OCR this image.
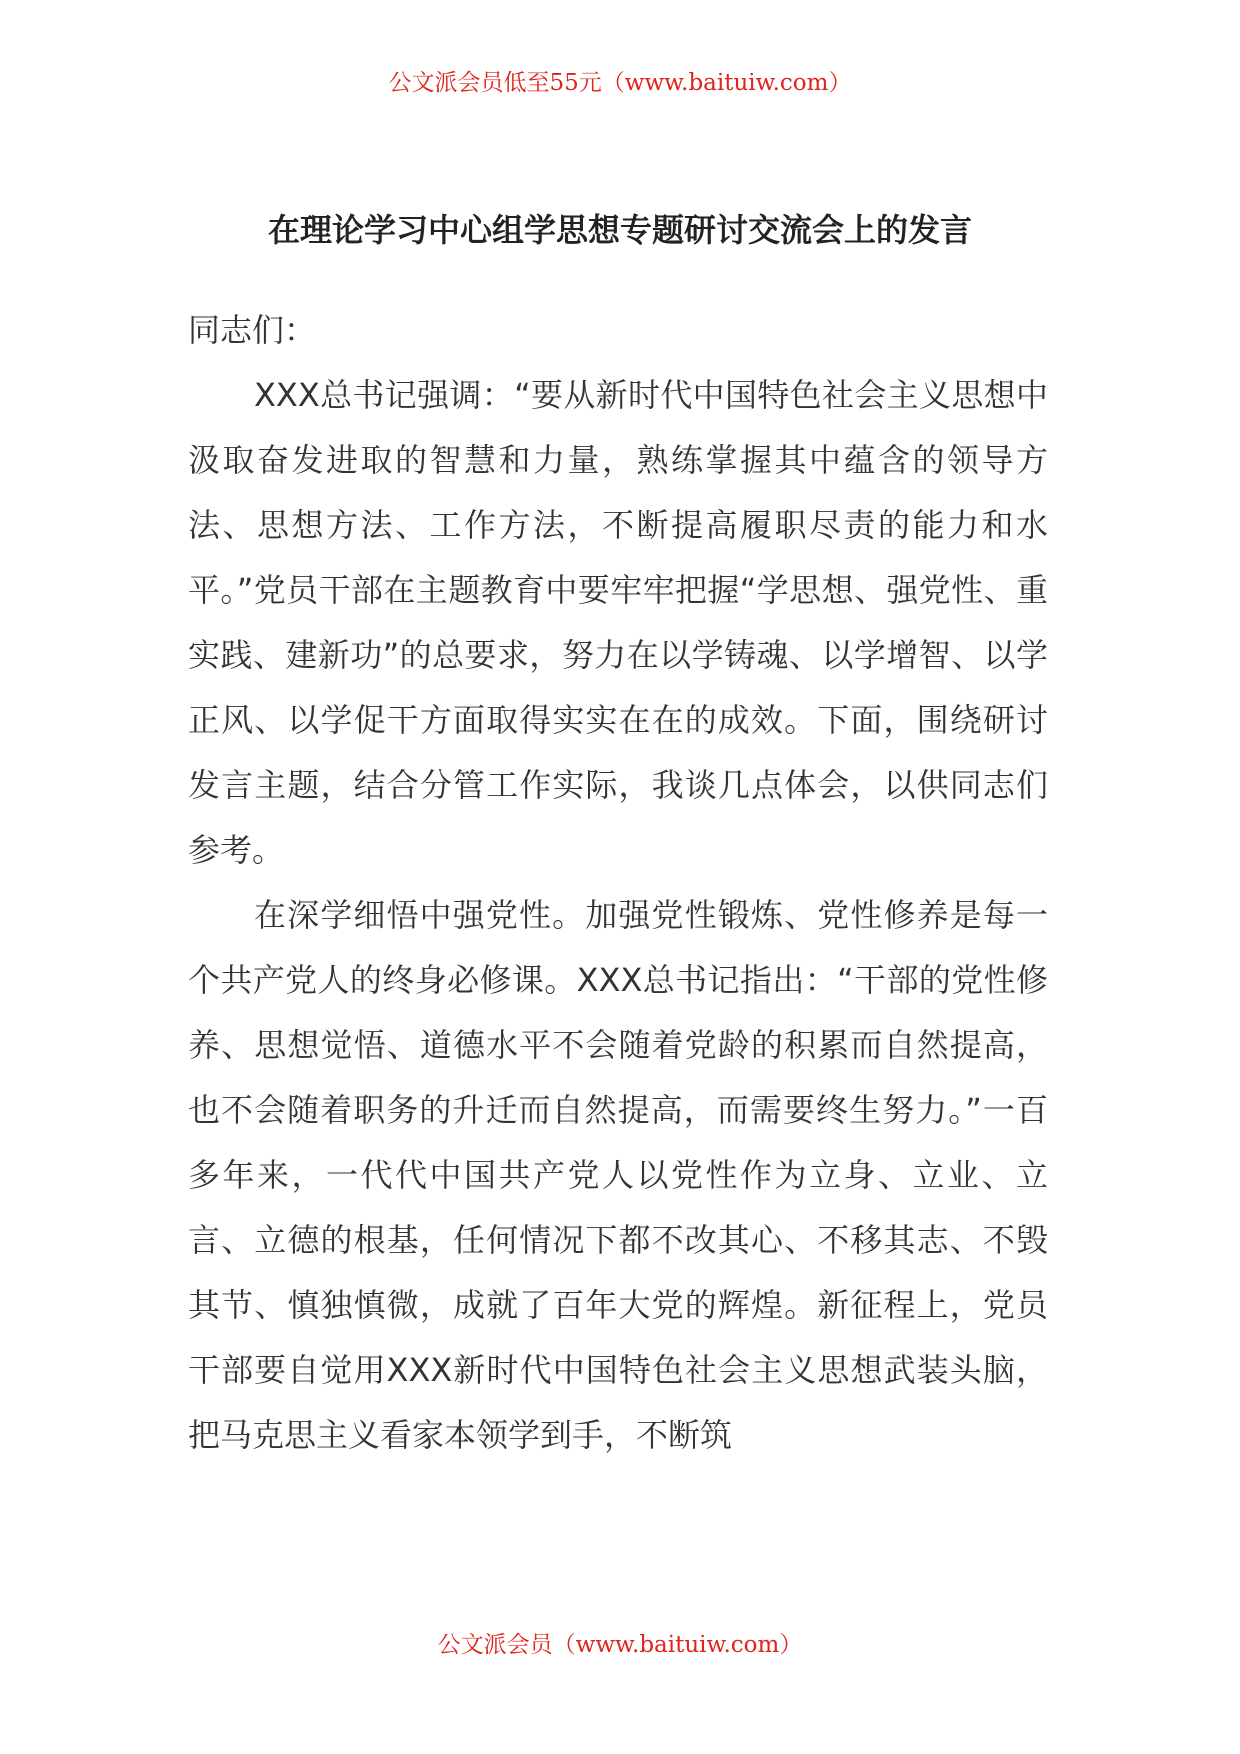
公文派会员低至55元（www.baituiw.com）
在理论学习中心组学思想专题研讨交流会上的发言

同志们：

XXX总书记强调：“要从新时代中国特色社会主义思想中汲取奋发进取的智慧和力量，熟练掌握其中蕴含的领导方法、思想方法、工作方法，不断提高履职尽责的能力和水平。”党员干部在主题教育中要牢牢把握“学思想、强党性、重实践、建新功”的总要求，努力在以学铸魂、以学增智、以学正风、以学促干方面取得实实在在的成效。下面，围绕研讨发言主题，结合分管工作实际，我谈几点体会，以供同志们参考。

在深学细悟中强党性。加强党性锻炼、党性修养是每一个共产党人的终身必修课。XXX总书记指出：“干部的党性修养、思想觉悟、道德水平不会随着党龄的积累而自然提高，也不会随着职务的升迁而自然提高，而需要终生努力。”一百多年来，一代代中国共产党人以党性作为立身、立业、立言、立德的根基，任何情况下都不改其心、不移其志、不毁其节、慎独慎微，成就了百年大党的辉煌。新征程上，党员干部要自觉用XXX新时代中国特色社会主义思想武装头脑，把马克思主义看家本领学到手，不断筑

公文派会员（www.baituiw.com）
